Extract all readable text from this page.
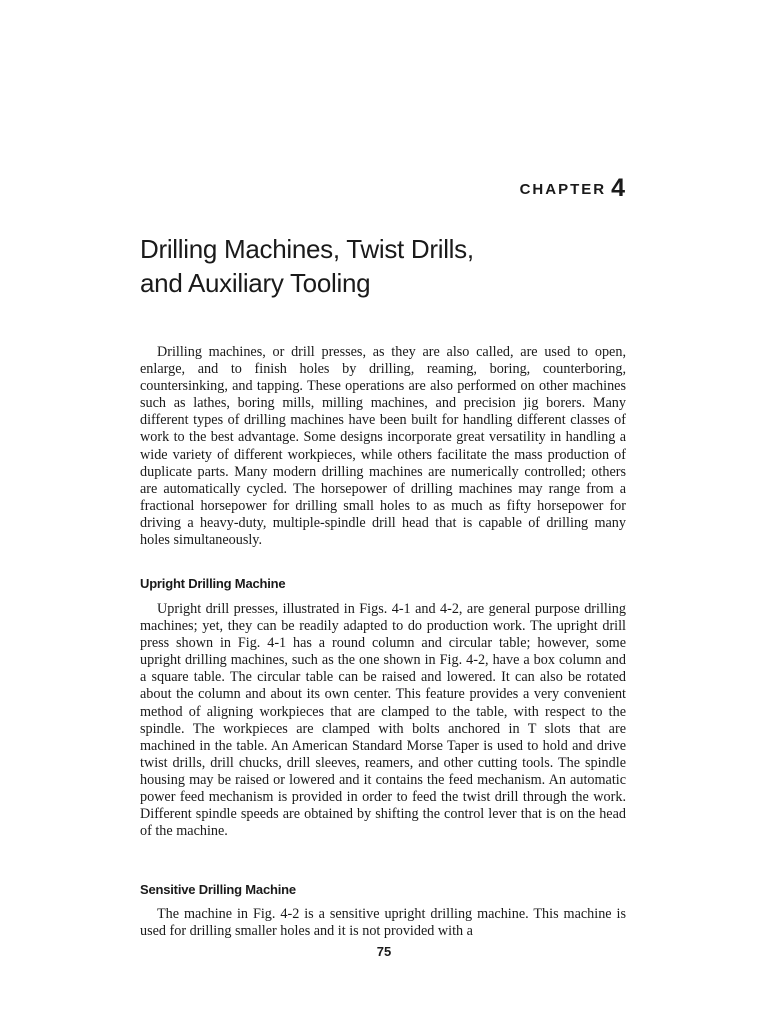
CHAPTER 4
Drilling Machines, Twist Drills,
and Auxiliary Tooling

Drilling machines, or drill presses, as they are also called, are used to open, enlarge, and to finish holes by drilling, reaming, boring, counterboring, countersinking, and tapping. These operations are also performed on other machines such as lathes, boring mills, milling machines, and precision jig borers. Many different types of drilling machines have been built for handling different classes of work to the best advantage. Some designs incorporate great versatility in handling a wide variety of different workpieces, while others facilitate the mass production of duplicate parts. Many modern drilling machines are numerically controlled; others are automatically cycled. The horsepower of drilling machines may range from a fractional horsepower for drilling small holes to as much as fifty horsepower for driving a heavy-duty, multiple-spindle drill head that is capable of drilling many holes simultaneously.

Upright Drilling Machine

Upright drill presses, illustrated in Figs. 4-1 and 4-2, are general purpose drilling machines; yet, they can be readily adapted to do production work. The upright drill press shown in Fig. 4-1 has a round column and circular table; however, some upright drilling machines, such as the one shown in Fig. 4-2, have a box column and a square table. The circular table can be raised and lowered. It can also be rotated about the column and about its own center. This feature provides a very convenient method of aligning workpieces that are clamped to the table, with respect to the spindle. The workpieces are clamped with bolts anchored in T slots that are machined in the table. An American Standard Morse Taper is used to hold and drive twist drills, drill chucks, drill sleeves, reamers, and other cutting tools. The spindle housing may be raised or lowered and it contains the feed mechanism. An automatic power feed mechanism is provided in order to feed the twist drill through the work. Different spindle speeds are obtained by shifting the control lever that is on the head of the machine.

Sensitive Drilling Machine

The machine in Fig. 4-2 is a sensitive upright drilling machine. This machine is used for drilling smaller holes and it is not provided with a

75
